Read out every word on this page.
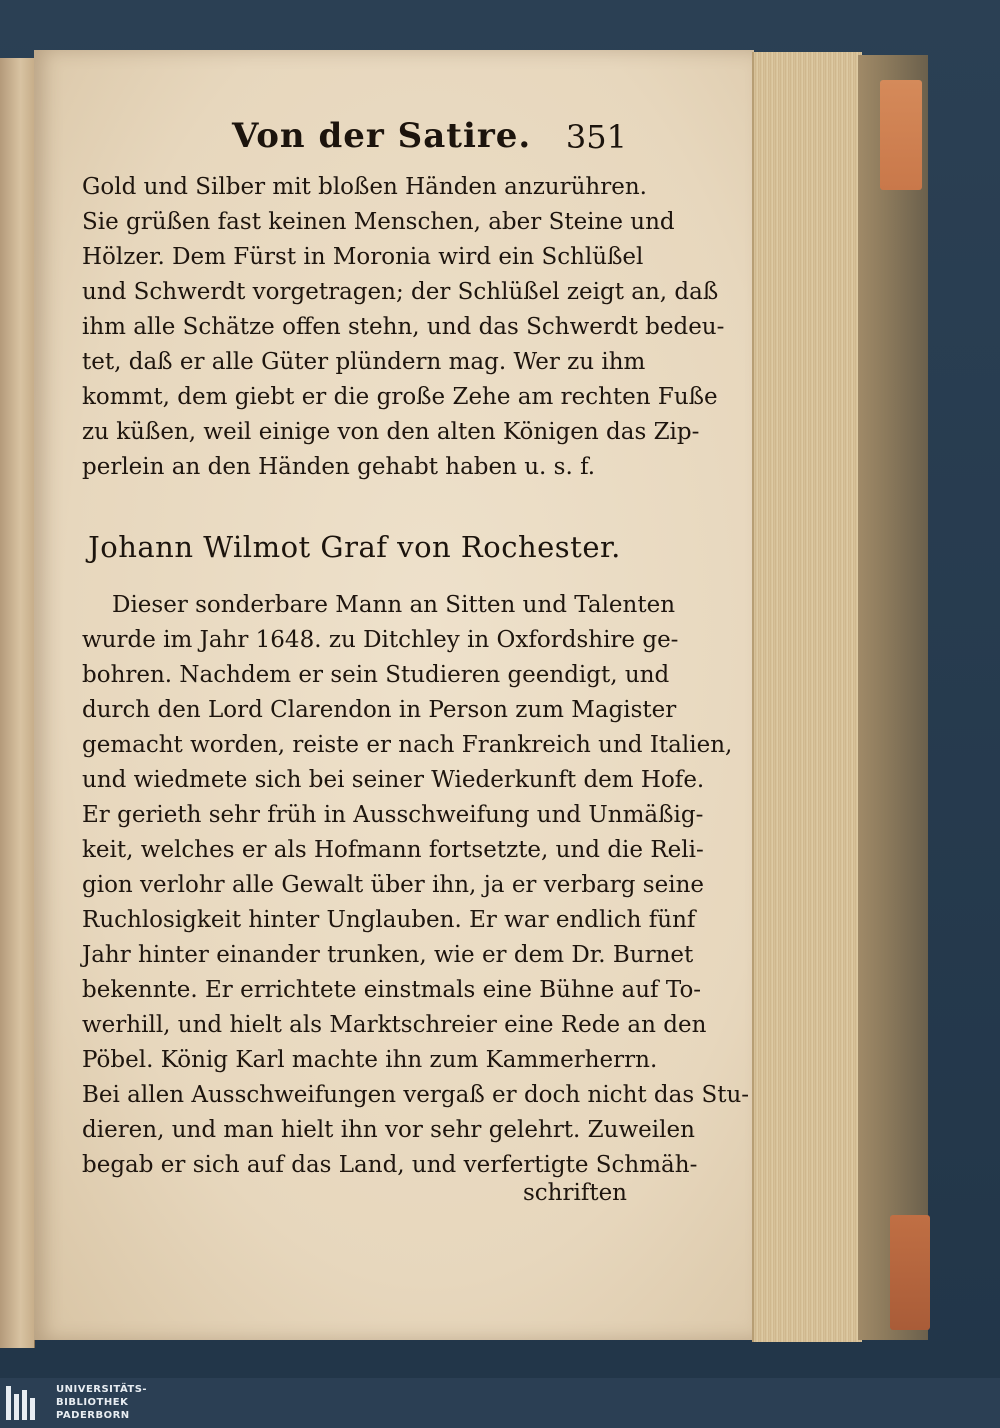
Von der Satire. 351
Gold und Silber mit bloßen Händen anzurühren.
Sie grüßen fast keinen Menschen, aber Steine und
Hölzer. Dem Fürst in Moronia wird ein Schlüßel
und Schwerdt vorgetragen; der Schlüßel zeigt an, daß
ihm alle Schätze offen stehn, und das Schwerdt bedeu-
tet, daß er alle Güter plündern mag. Wer zu ihm
kommt, dem giebt er die große Zehe am rechten Fuße
zu küßen, weil einige von den alten Königen das Zip-
perlein an den Händen gehabt haben u. s. f.
Johann Wilmot Graf von Rochester.
Dieser sonderbare Mann an Sitten und Talenten
wurde im Jahr 1648. zu Ditchley in Oxfordshire ge-
bohren. Nachdem er sein Studieren geendigt, und
durch den Lord Clarendon in Person zum Magister
gemacht worden, reiste er nach Frankreich und Italien,
und wiedmete sich bei seiner Wiederkunft dem Hofe.
Er gerieth sehr früh in Ausschweifung und Unmäßig-
keit, welches er als Hofmann fortsetzte, und die Reli-
gion verlohr alle Gewalt über ihn, ja er verbarg seine
Ruchlosigkeit hinter Unglauben. Er war endlich fünf
Jahr hinter einander trunken, wie er dem Dr. Burnet
bekennte. Er errichtete einstmals eine Bühne auf To-
werhill, und hielt als Marktschreier eine Rede an den
Pöbel. König Karl machte ihn zum Kammerherrn.
Bei allen Ausschweifungen vergaß er doch nicht das Stu-
dieren, und man hielt ihn vor sehr gelehrt. Zuweilen
begab er sich auf das Land, und verfertigte Schmäh-
schriften
UNIVERSITÄTS-
BIBLIOTHEK
PADERBORN
